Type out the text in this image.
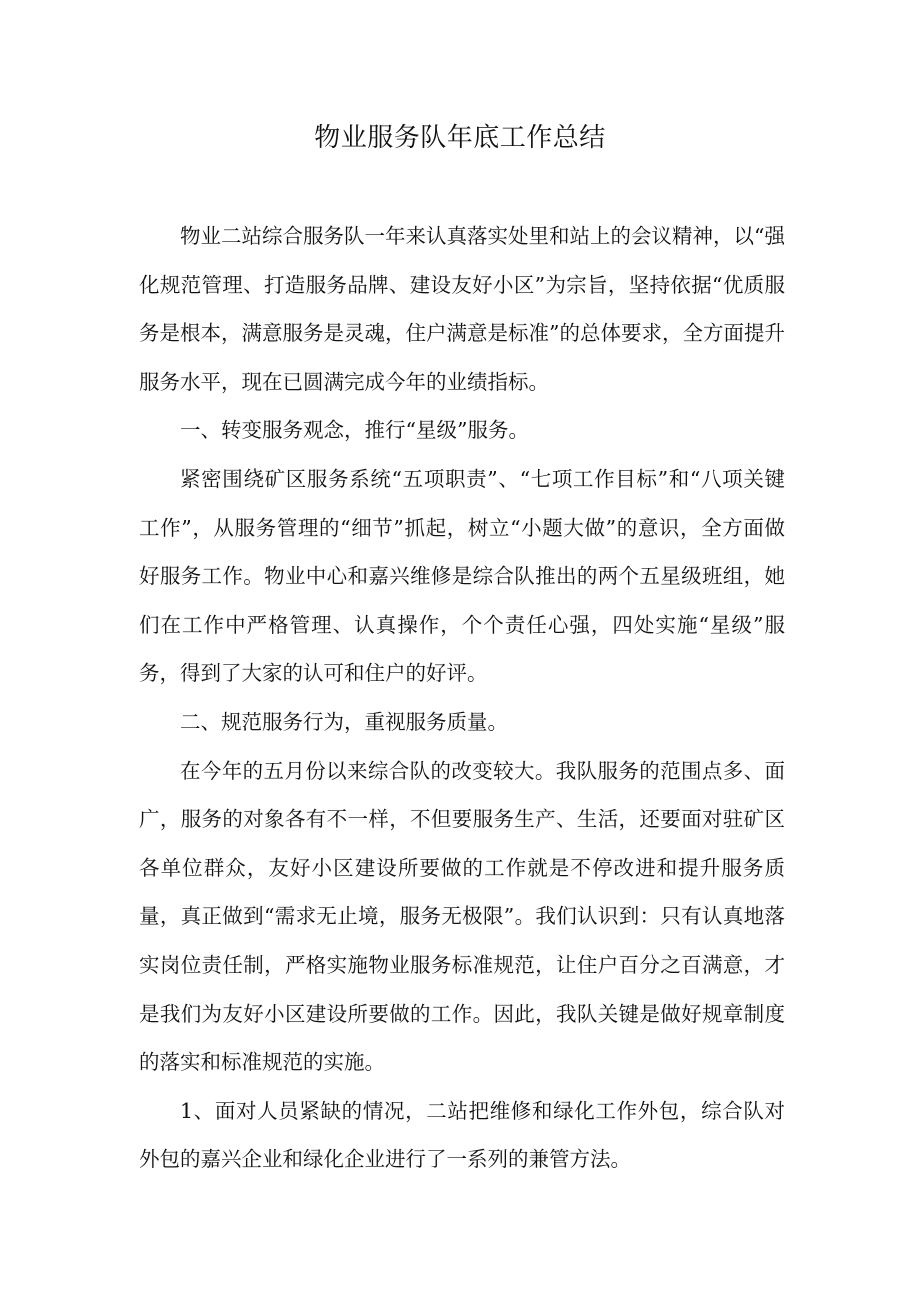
物业服务队年底工作总结

物业二站综合服务队一年来认真落实处里和站上的会议精神，以“强化规范管理、打造服务品牌、建设友好小区”为宗旨，坚持依据“优质服务是根本，满意服务是灵魂，住户满意是标准”的总体要求，全方面提升服务水平，现在已圆满完成今年的业绩指标。

一、转变服务观念，推行“星级”服务。

紧密围绕矿区服务系统“五项职责”、“七项工作目标”和“八项关键工作”，从服务管理的“细节”抓起，树立“小题大做”的意识，全方面做好服务工作。物业中心和嘉兴维修是综合队推出的两个五星级班组，她们在工作中严格管理、认真操作，个个责任心强，四处实施“星级”服务，得到了大家的认可和住户的好评。

二、规范服务行为，重视服务质量。

在今年的五月份以来综合队的改变较大。我队服务的范围点多、面广，服务的对象各有不一样，不但要服务生产、生活，还要面对驻矿区各单位群众，友好小区建设所要做的工作就是不停改进和提升服务质量，真正做到“需求无止境，服务无极限”。我们认识到：只有认真地落实岗位责任制，严格实施物业服务标准规范，让住户百分之百满意，才是我们为友好小区建设所要做的工作。因此，我队关键是做好规章制度的落实和标准规范的实施。

1、面对人员紧缺的情况，二站把维修和绿化工作外包，综合队对外包的嘉兴企业和绿化企业进行了一系列的兼管方法。
